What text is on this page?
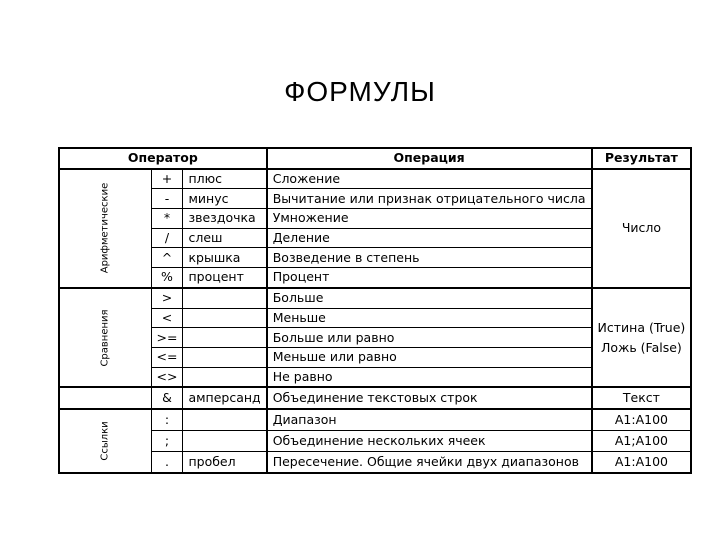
ФОРМУЛЫ
Оператор			Операция	Результат
Арифметические	+	плюс	Сложение	Число
	-	минус	Вычитание или признак отрицательного числа	
	*	звездочка	Умножение	
	/	слеш	Деление	
	^	крышка	Возведение в степень	
	%	процент	Процент	
Сравнения	>		Больше	Истина (True)
Ложь (False)

	<		Меньше	
	>=		Больше или равно	
	<=		Меньше или равно	
	<>		Не равно	
	&	амперсанд	Объединение текстовых строк	Текст
Ссылки	:		Диапазон	A1:A100
	;		Объединение нескольких ячеек	A1;A100
	.	пробел	Пересечение. Общие ячейки двух диапазонов	A1:A100
